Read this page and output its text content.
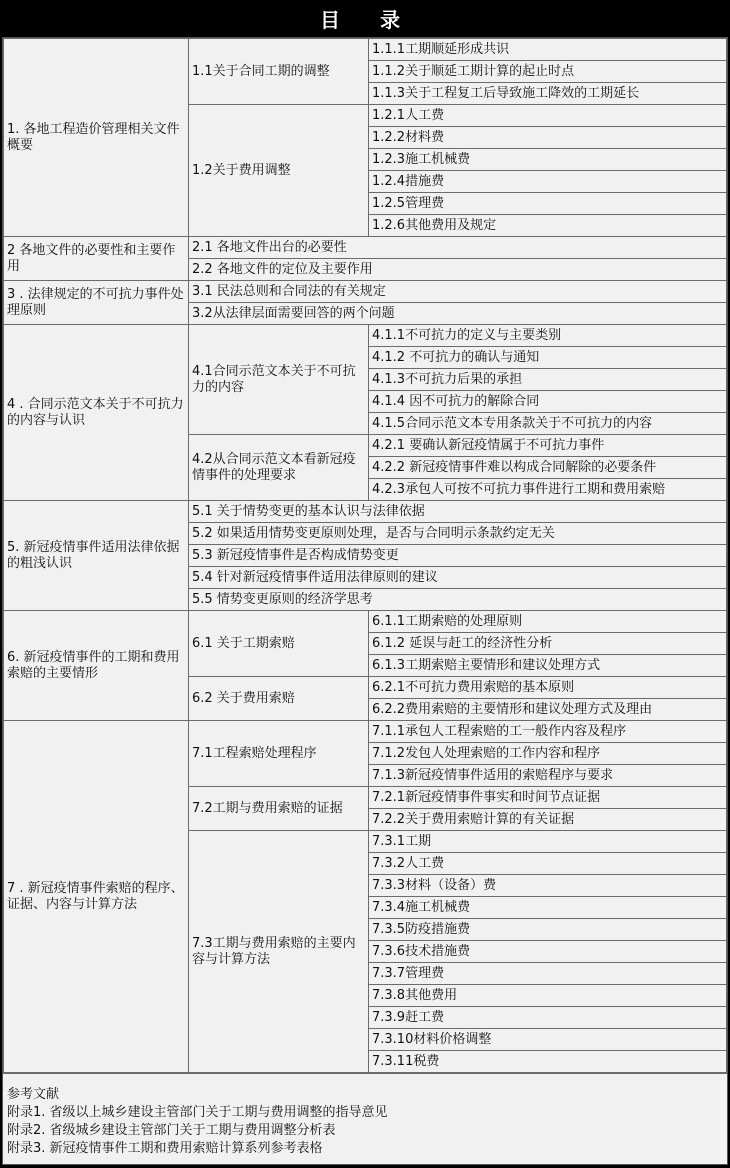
目　录
1. 各地工程造价管理相关文件概要	1.1关于合同工期的调整	1.1.1工期顺延形成共识
		1.1.2关于顺延工期计算的起止时点
		1.1.3关于工程复工后导致施工降效的工期延长
	1.2关于费用调整	1.2.1人工费
		1.2.2材料费
		1.2.3施工机械费
		1.2.4措施费
		1.2.5管理费
		1.2.6其他费用及规定
2 各地文件的必要性和主要作用	2.1 各地文件出台的必要性	
	2.2 各地文件的定位及主要作用	
3 . 法律规定的不可抗力事件处理原则	3.1 民法总则和合同法的有关规定	
	3.2从法律层面需要回答的两个问题	
4 . 合同示范文本关于不可抗力的内容与认识	4.1合同示范文本关于不可抗力的内容	4.1.1不可抗力的定义与主要类别
		4.1.2 不可抗力的确认与通知
		4.1.3不可抗力后果的承担
		4.1.4 因不可抗力的解除合同
		4.1.5合同示范文本专用条款关于不可抗力的内容
	4.2从合同示范文本看新冠疫情事件的处理要求	4.2.1 要确认新冠疫情属于不可抗力事件
		4.2.2 新冠疫情事件难以构成合同解除的必要条件
		4.2.3承包人可按不可抗力事件进行工期和费用索赔
5. 新冠疫情事件适用法律依据的粗浅认识	5.1 关于情势变更的基本认识与法律依据	
	5.2 如果适用情势变更原则处理，是否与合同明示条款约定无关	
	5.3 新冠疫情事件是否构成情势变更	
	5.4 针对新冠疫情事件适用法律原则的建议	
	5.5 情势变更原则的经济学思考	
6. 新冠疫情事件的工期和费用索赔的主要情形	6.1 关于工期索赔	6.1.1工期索赔的处理原则
		6.1.2 延误与赶工的经济性分析
		6.1.3工期索赔主要情形和建议处理方式
	6.2 关于费用索赔	6.2.1不可抗力费用索赔的基本原则
		6.2.2费用索赔的主要情形和建议处理方式及理由
7 . 新冠疫情事件索赔的程序、证据、内容与计算方法	7.1工程索赔处理程序	7.1.1承包人工程索赔的工一般作内容及程序
		7.1.2发包人处理索赔的工作内容和程序
		7.1.3新冠疫情事件适用的索赔程序与要求
	7.2工期与费用索赔的证据	7.2.1新冠疫情事件事实和时间节点证据
		7.2.2关于费用索赔计算的有关证据
	7.3工期与费用索赔的主要内容与计算方法	7.3.1工期
		7.3.2人工费
		7.3.3材料（设备）费
		7.3.4施工机械费
		7.3.5防疫措施费
		7.3.6技术措施费
		7.3.7管理费
		7.3.8其他费用
		7.3.9赶工费
		7.3.10材料价格调整
		7.3.11税费
参考文献
附录1. 省级以上城乡建设主管部门关于工期与费用调整的指导意见
附录2. 省级城乡建设主管部门关于工期与费用调整分析表
附录3. 新冠疫情事件工期和费用索赔计算系列参考表格
